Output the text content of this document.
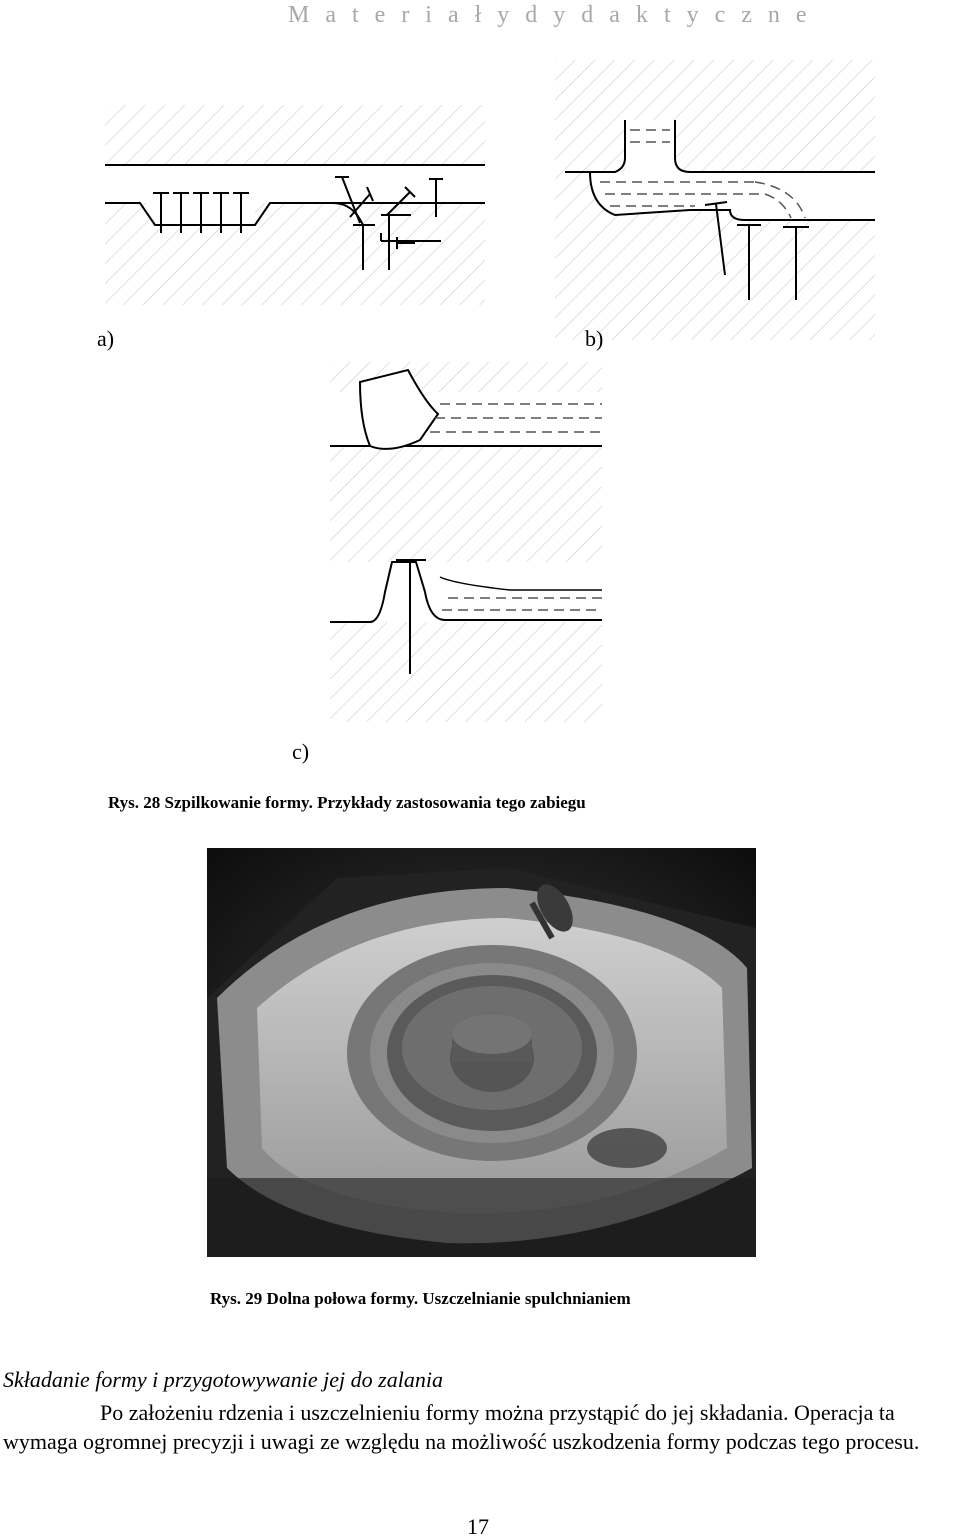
M a t e r i a ł y d y d a k t y c z n e
a)	b)
c)
Rys. 28 Szpilkowanie formy. Przykłady zastosowania tego zabiegu
Rys. 29 Dolna połowa formy. Uszczelnianie spulchnianiem
Składanie formy i przygotowywanie jej do zalania
Po założeniu rdzenia i uszczelnieniu formy można przystąpić do jej składania. Operacja ta wymaga ogromnej precyzji i uwagi ze względu na możliwość uszkodzenia formy podczas tego procesu.
17
